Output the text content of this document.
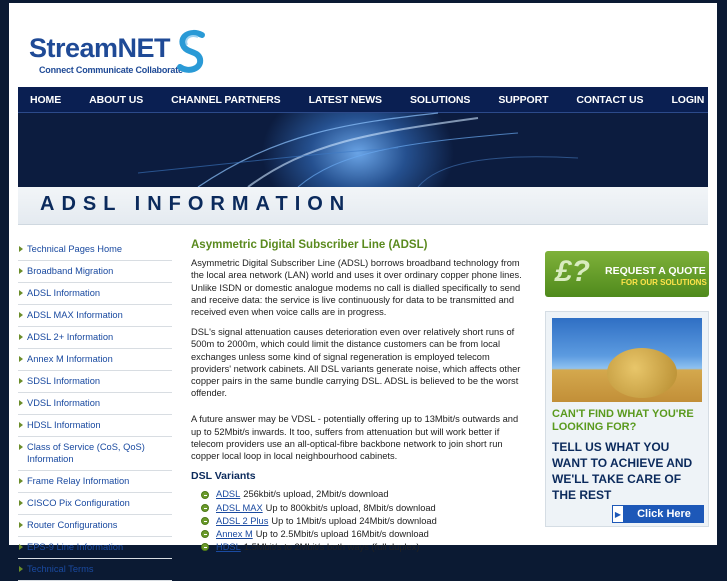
StreamNET
Connect Communicate Collaborate
HOME	ABOUT US	CHANNEL PARTNERS	LATEST NEWS	SOLUTIONS	SUPPORT	CONTACT US	LOGIN
ADSL INFORMATION
Technical Pages Home
Broadband Migration
ADSL Information
ADSL MAX Information
ADSL 2+ Information
Annex M Information
SDSL Information
VDSL Information
HDSL Information
Class of Service (CoS, QoS) Information
Frame Relay Information
CISCO Pix Configuration
Router Configurations
EPS-9 Line Information
Technical Terms
Asymmetric Digital Subscriber Line (ADSL)

Asymmetric Digital Subscriber Line (ADSL) borrows broadband technology from the local area network (LAN) world and uses it over ordinary copper phone lines. Unlike ISDN or domestic analogue modems no call is dialled specifically to send and receive data: the service is live continuously for data to be transmitted and received even when voice calls are in progress.

DSL's signal attenuation causes deterioration even over relatively short runs of 500m to 2000m, which could limit the distance customers can be from local exchanges unless some kind of signal regeneration is employed telecom providers' network cabinets. All DSL variants generate noise, which affects other copper pairs in the same bundle carrying DSL. ADSL is believed to be the worst offender.

A future answer may be VDSL - potentially offering up to 13Mbit/s outwards and up to 52Mbit/s inwards. It too, suffers from attenuation but will work better if telecom providers use an all-optical-fibre backbone network to join short run copper local loop in local neighbourhood cabinets.

DSL Variants
ADSL 256kbit/s upload, 2Mbit/s download
ADSL MAX Up to 800kbit/s upload, 8Mbit/s download
ADSL 2 Plus Up to 1Mbit/s upload 24Mbit/s download
Annex M Up to 2.5Mbit/s upload 16Mbit/s download
HDSL 1.5Mbit/s to 2Mbit/s both ways (full duplex)
£? REQUEST A QUOTE
FOR OUR SOLUTIONS
CAN'T FIND WHAT YOU'RE LOOKING FOR?
TELL US WHAT YOU WANT TO ACHIEVE AND WE'LL TAKE CARE OF THE REST
Click Here
▶
